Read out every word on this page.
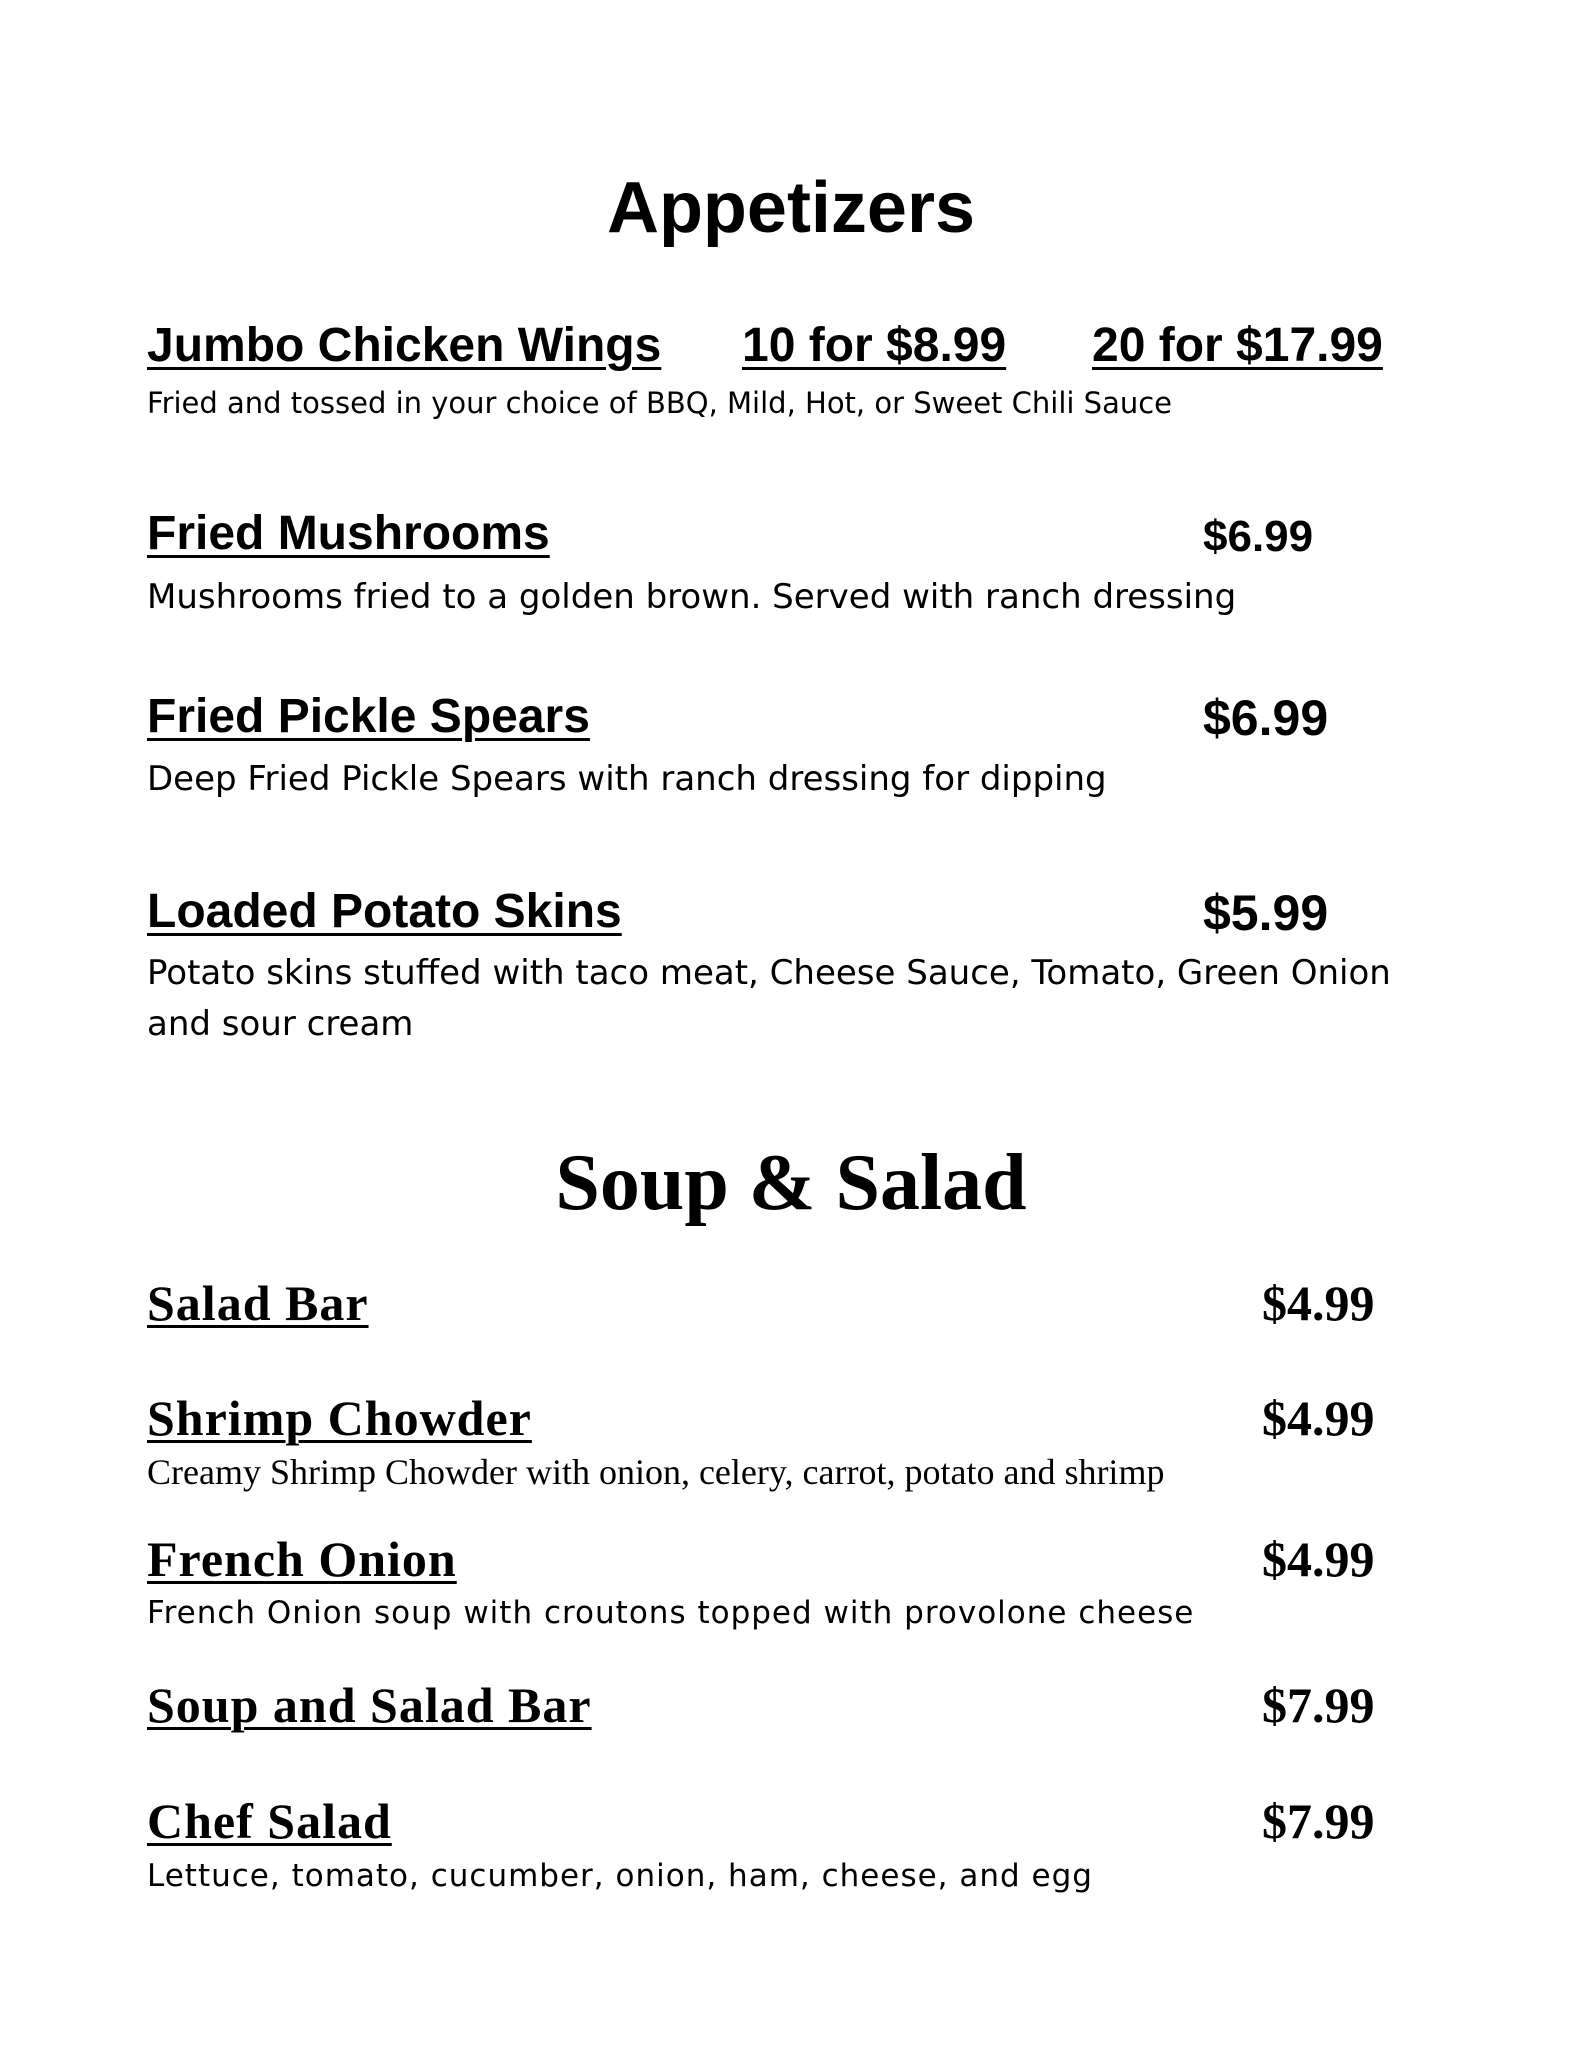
Appetizers
Jumbo Chicken Wings 10 for $8.99 20 for $17.99
Fried and tossed in your choice of BBQ, Mild, Hot, or Sweet Chili Sauce
Fried Mushrooms	$6.99
Mushrooms fried to a golden brown. Served with ranch dressing
Fried Pickle Spears	$6.99
Deep Fried Pickle Spears with ranch dressing for dipping
Loaded Potato Skins	$5.99
Potato skins stuffed with taco meat, Cheese Sauce, Tomato, Green Onion
and sour cream
Soup & Salad
Salad Bar	$4.99
Shrimp Chowder	$4.99
Creamy Shrimp Chowder with onion, celery, carrot, potato and shrimp
French Onion	$4.99
French Onion soup with croutons topped with provolone cheese
Soup and Salad Bar	$7.99
Chef Salad	$7.99
Lettuce, tomato, cucumber, onion, ham, cheese, and egg
